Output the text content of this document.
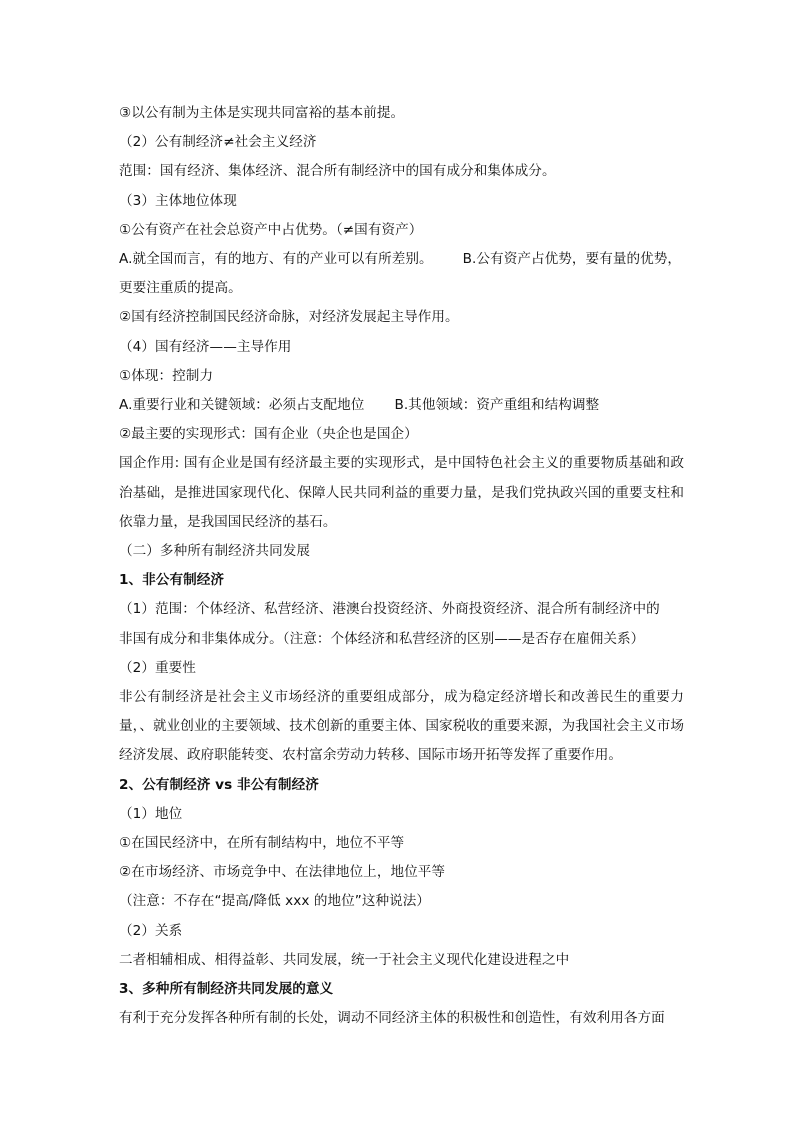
③以公有制为主体是实现共同富裕的基本前提。
（2）公有制经济≠社会主义经济
范围：国有经济、集体经济、混合所有制经济中的国有成分和集体成分。
（3）主体地位体现
①公有资产在社会总资产中占优势。（≠国有资产）
A.就全国而言，有的地方、有的产业可以有所差别。 B.公有资产占优势，要有量的优势，
更要注重质的提高。
②国有经济控制国民经济命脉，对经济发展起主导作用。
（4）国有经济——主导作用
①体现：控制力
A.重要行业和关键领域：必须占支配地位 B.其他领域：资产重组和结构调整
②最主要的实现形式：国有企业（央企也是国企）
国企作用: 国有企业是国有经济最主要的实现形式，是中国特色社会主义的重要物质基础和政治基础，是推进国家现代化、保障人民共同利益的重要力量，是我们党执政兴国的重要支柱和依靠力量，是我国国民经济的基石。
（二）多种所有制经济共同发展
1、非公有制经济
（1）范围：个体经济、私营经济、港澳台投资经济、外商投资经济、混合所有制经济中的
非国有成分和非集体成分。（注意：个体经济和私营经济的区别——是否存在雇佣关系）
（2）重要性
非公有制经济是社会主义市场经济的重要组成部分，成为稳定经济增长和改善民生的重要力量，、就业创业的主要领域、技术创新的重要主体、国家税收的重要来源，为我国社会主义市场经济发展、政府职能转变、农村富余劳动力转移、国际市场开拓等发挥了重要作用。
2、公有制经济 vs 非公有制经济
（1）地位
①在国民经济中，在所有制结构中，地位不平等
②在市场经济、市场竞争中、在法律地位上，地位平等
（注意：不存在“提高/降低 xxx 的地位”这种说法）
（2）关系
二者相辅相成、相得益彰、共同发展，统一于社会主义现代化建设进程之中
3、多种所有制经济共同发展的意义
有利于充分发挥各种所有制的长处，调动不同经济主体的积极性和创造性，有效利用各方面
